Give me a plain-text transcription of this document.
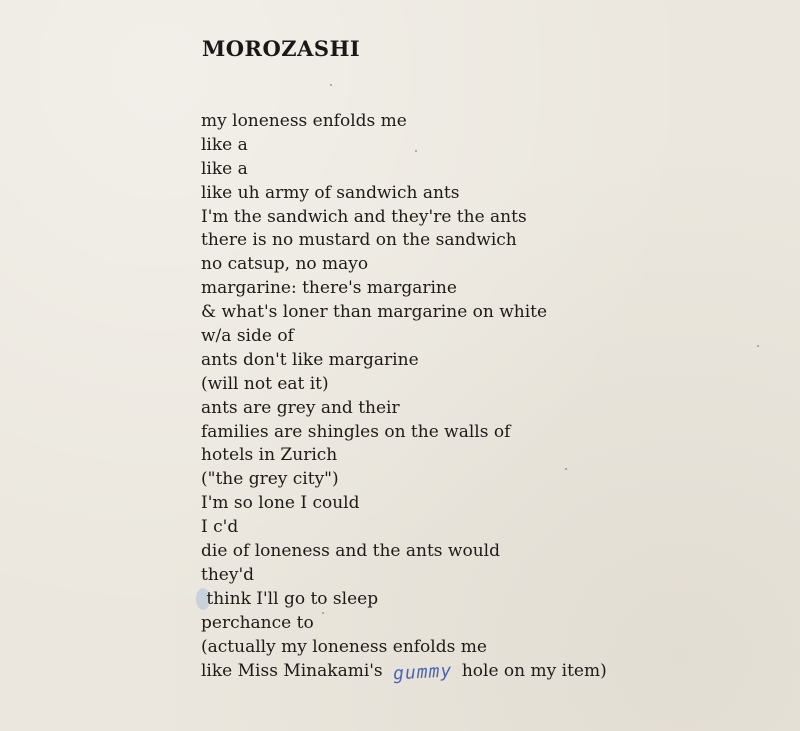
MOROZASHI
my loneness enfolds me
like a
like a
like uh army of sandwich ants
I'm the sandwich and they're the ants
there is no mustard on the sandwich
no catsup, no mayo
margarine: there's margarine
& what's loner than margarine on white
w/a side of
ants don't like margarine
(will not eat it)
ants are grey and their
families are shingles on the walls of
hotels in Zurich
("the grey city")
I'm so lone I could
I c'd
die of loneness and the ants would
they'd
think I'll go to sleep
perchance to
(actually my loneness enfolds me
like Miss Minakami's gummy hole on my item)
